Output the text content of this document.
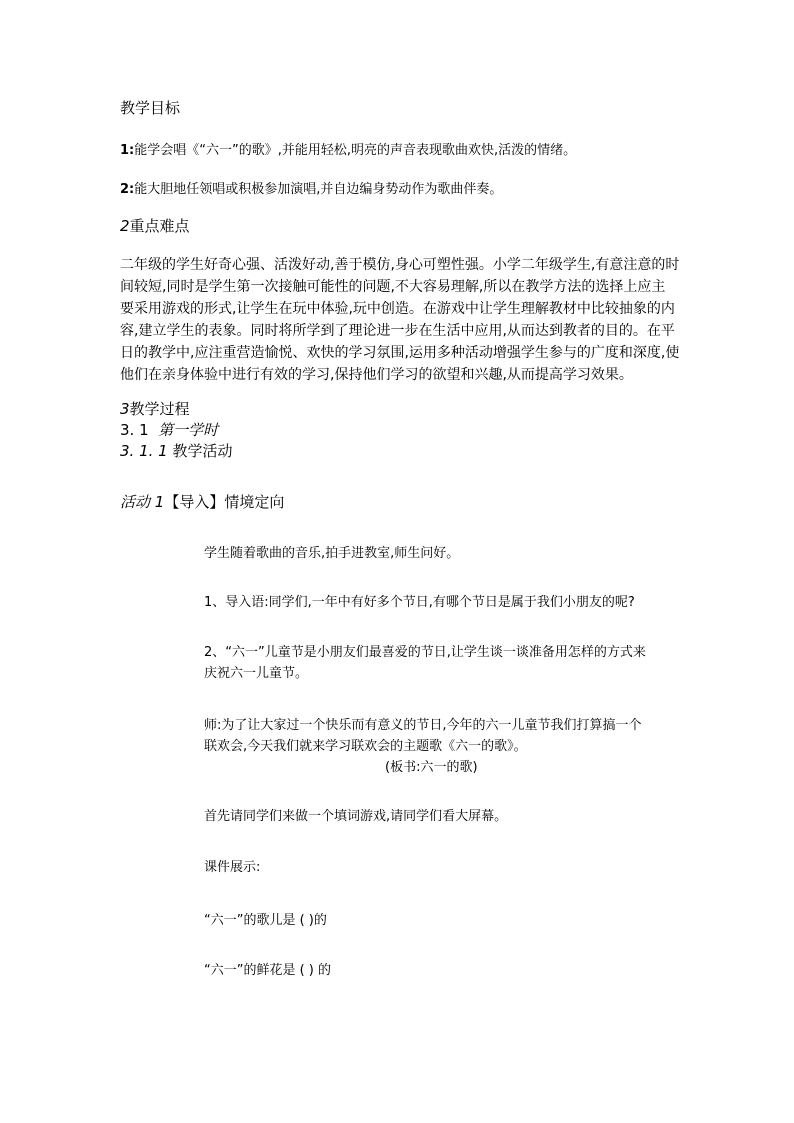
教学目标
1:能学会唱《“六一”的歌》,并能用轻松,明亮的声音表现歌曲欢快,活泼的情绪。
2:能大胆地任领唱或积极参加演唱,并自边编身势动作为歌曲伴奏。
2重点难点
二年级的学生好奇心强、活泼好动,善于模仿,身心可塑性强。小学二年级学生,有意注意的时
间较短,同时是学生第一次接触可能性的问题,不大容易理解,所以在教学方法的选择上应主
要采用游戏的形式,让学生在玩中体验,玩中创造。在游戏中让学生理解教材中比较抽象的内
容,建立学生的表象。同时将所学到了理论进一步在生活中应用,从而达到教者的目的。在平
日的教学中,应注重营造愉悦、欢快的学习氛围,运用多种活动增强学生参与的广度和深度,使
他们在亲身体验中进行有效的学习,保持他们学习的欲望和兴趣,从而提高学习效果。
3教学过程
3. 1 第一学时
3. 1. 1 教学活动
活动 1【导入】情境定向
学生随着歌曲的音乐,拍手进教室,师生问好。
1、导入语:同学们,一年中有好多个节日,有哪个节日是属于我们小朋友的呢?
2、“六一”儿童节是小朋友们最喜爱的节日,让学生谈一谈准备用怎样的方式来
庆祝六一儿童节。
师:为了让大家过一个快乐而有意义的节日,今年的六一儿童节我们打算搞一个
联欢会,今天我们就来学习联欢会的主题歌《六一的歌》。
(板书:六一的歌)
首先请同学们来做一个填词游戏,请同学们看大屏幕。
课件展示:
“六一”的歌儿是 ( )的
“六一”的鲜花是 ( ) 的
